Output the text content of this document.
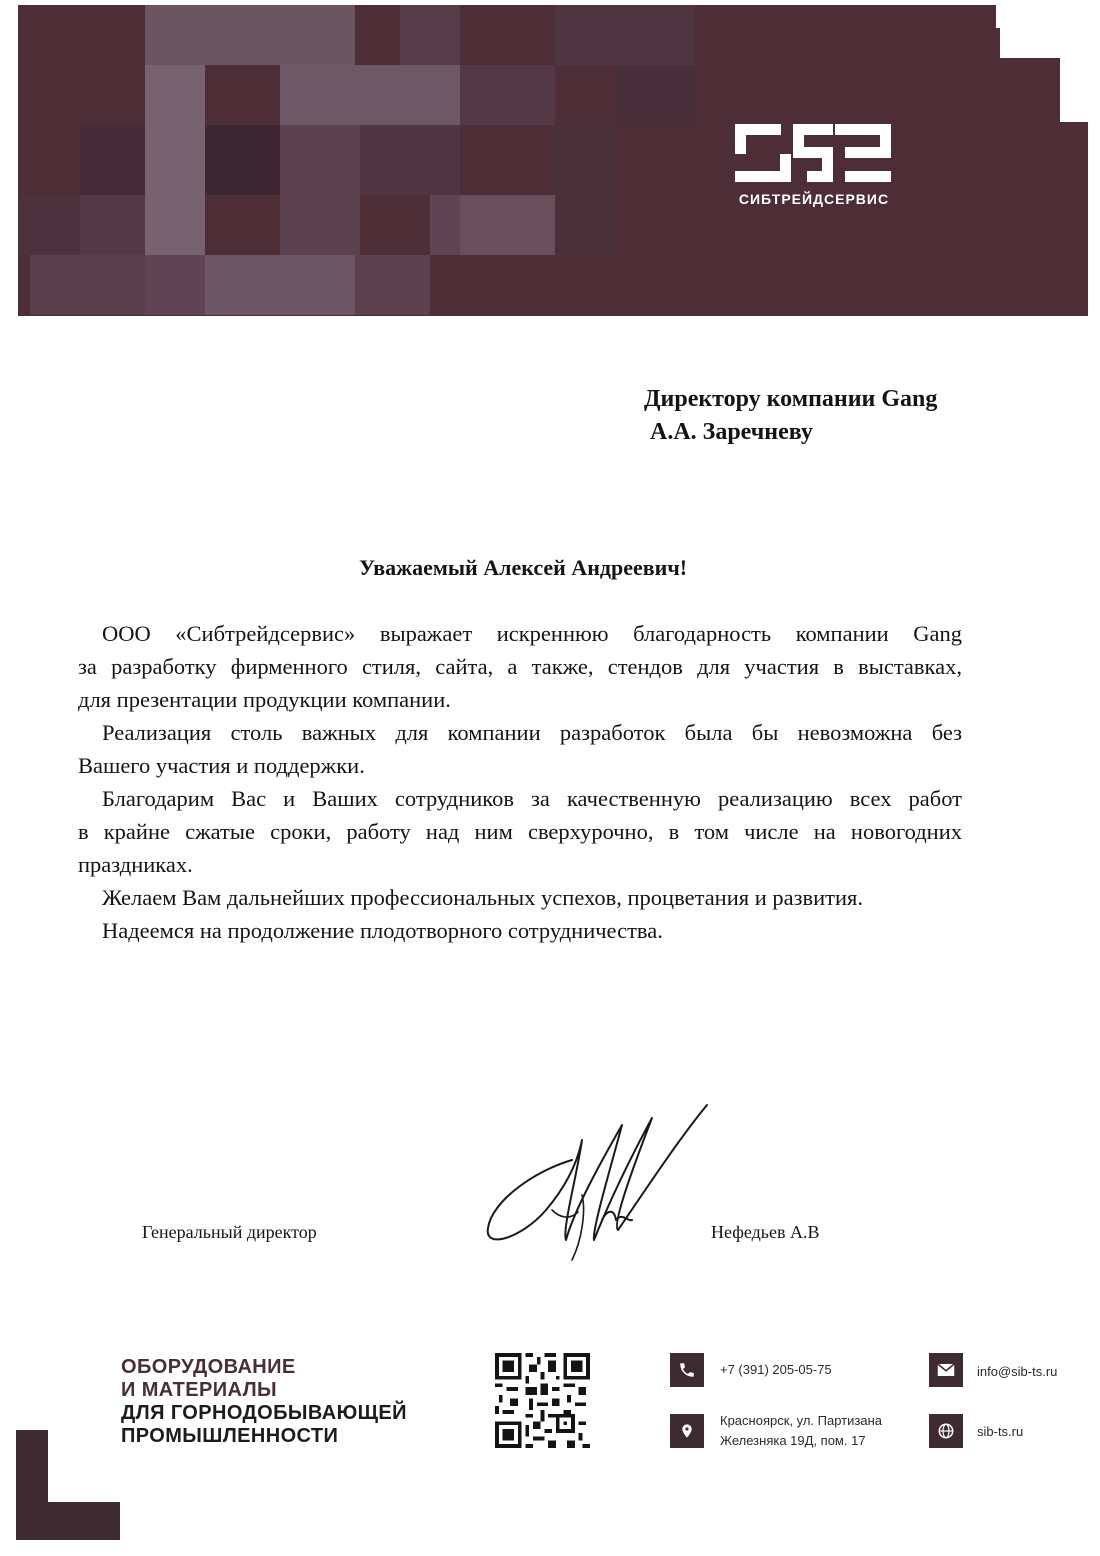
СИБТРЕЙДСЕРВИС
Директору компании Gang
А.А. Заречневу
Уважаемый Алексей Андреевич!
ООО «Сибтрейдсервис» выражает искреннюю благодарность компании Gang
за разработку фирменного стиля, сайта, а также, стендов для участия в выставках,
для презентации продукции компании.
Реализация столь важных для компании разработок была бы невозможна без
Вашего участия и поддержки.
Благодарим Вас и Ваших сотрудников за качественную реализацию всех работ
в крайне сжатые сроки, работу над ним сверхурочно, в том числе на новогодних
праздниках.
Желаем Вам дальнейших профессиональных успехов, процветания и развития.
Надеемся на продолжение плодотворного сотрудничества.
Генеральный директор	Нефедьев А.В
ОБОРУДОВАНИЕ
И МАТЕРИАЛЫ
ДЛЯ ГОРНОДОБЫВАЮЩЕЙ
ПРОМЫШЛЕННОСТИ
+7 (391) 205-05-75
Красноярск, ул. Партизана
Железняка 19Д, пом. 17
info@sib-ts.ru
sib-ts.ru
